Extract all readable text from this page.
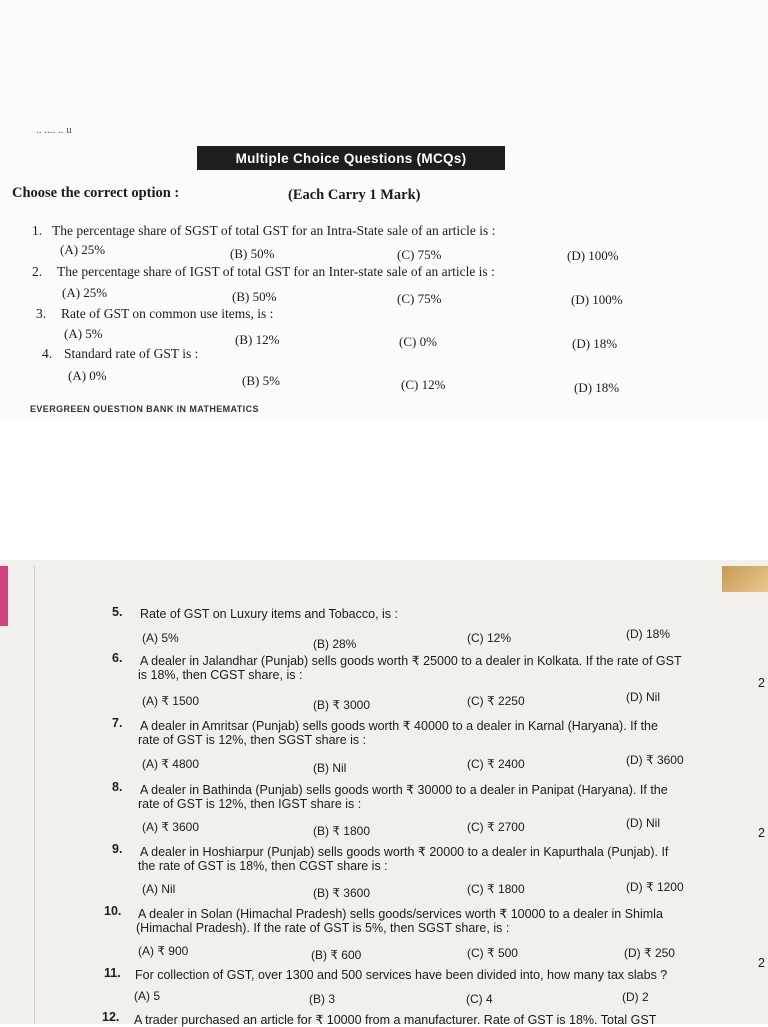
.. .... .. u
Multiple Choice Questions (MCQs)
Choose the correct option :	(Each Carry 1 Mark)
1. The percentage share of SGST of total GST for an Intra-State sale of an article is :
(A) 25%	(B) 50%	(C) 75%	(D) 100%
2. The percentage share of IGST of total GST for an Inter-state sale of an article is :
(A) 25%	(B) 50%	(C) 75%	(D) 100%
3. Rate of GST on common use items, is :
(A) 5%	(B) 12%	(C) 0%	(D) 18%
4. Standard rate of GST is :
(A) 0%	(B) 5%	(C) 12%	(D) 18%
EVERGREEN QUESTION BANK IN MATHEMATICS
5. Rate of GST on Luxury items and Tobacco, is :
(A) 5%	(B) 28%	(C) 12%	(D) 18%
6. A dealer in Jalandhar (Punjab) sells goods worth ₹ 25000 to a dealer in Kolkata. If the rate of GST
is 18%, then CGST share, is :
(A) ₹ 1500	(B) ₹ 3000	(C) ₹ 2250	(D) Nil
7. A dealer in Amritsar (Punjab) sells goods worth ₹ 40000 to a dealer in Karnal (Haryana). If the
rate of GST is 12%, then SGST share is :
(A) ₹ 4800	(B) Nil	(C) ₹ 2400	(D) ₹ 3600
8. A dealer in Bathinda (Punjab) sells goods worth ₹ 30000 to a dealer in Panipat (Haryana). If the
rate of GST is 12%, then IGST share is :
(A) ₹ 3600	(B) ₹ 1800	(C) ₹ 2700	(D) Nil
9. A dealer in Hoshiarpur (Punjab) sells goods worth ₹ 20000 to a dealer in Kapurthala (Punjab). If
the rate of GST is 18%, then CGST share is :
(A) Nil	(B) ₹ 3600	(C) ₹ 1800	(D) ₹ 1200
10. A dealer in Solan (Himachal Pradesh) sells goods/services worth ₹ 10000 to a dealer in Shimla
(Himachal Pradesh). If the rate of GST is 5%, then SGST share, is :
(A) ₹ 900	(B) ₹ 600	(C) ₹ 500	(D) ₹ 250
11. For collection of GST, over 1300 and 500 services have been divided into, how many tax slabs ?
(A) 5	(B) 3	(C) 4	(D) 2
12. A trader purchased an article for ₹ 10000 from a manufacturer. Rate of GST is 18%. Total GST
2
2
2
